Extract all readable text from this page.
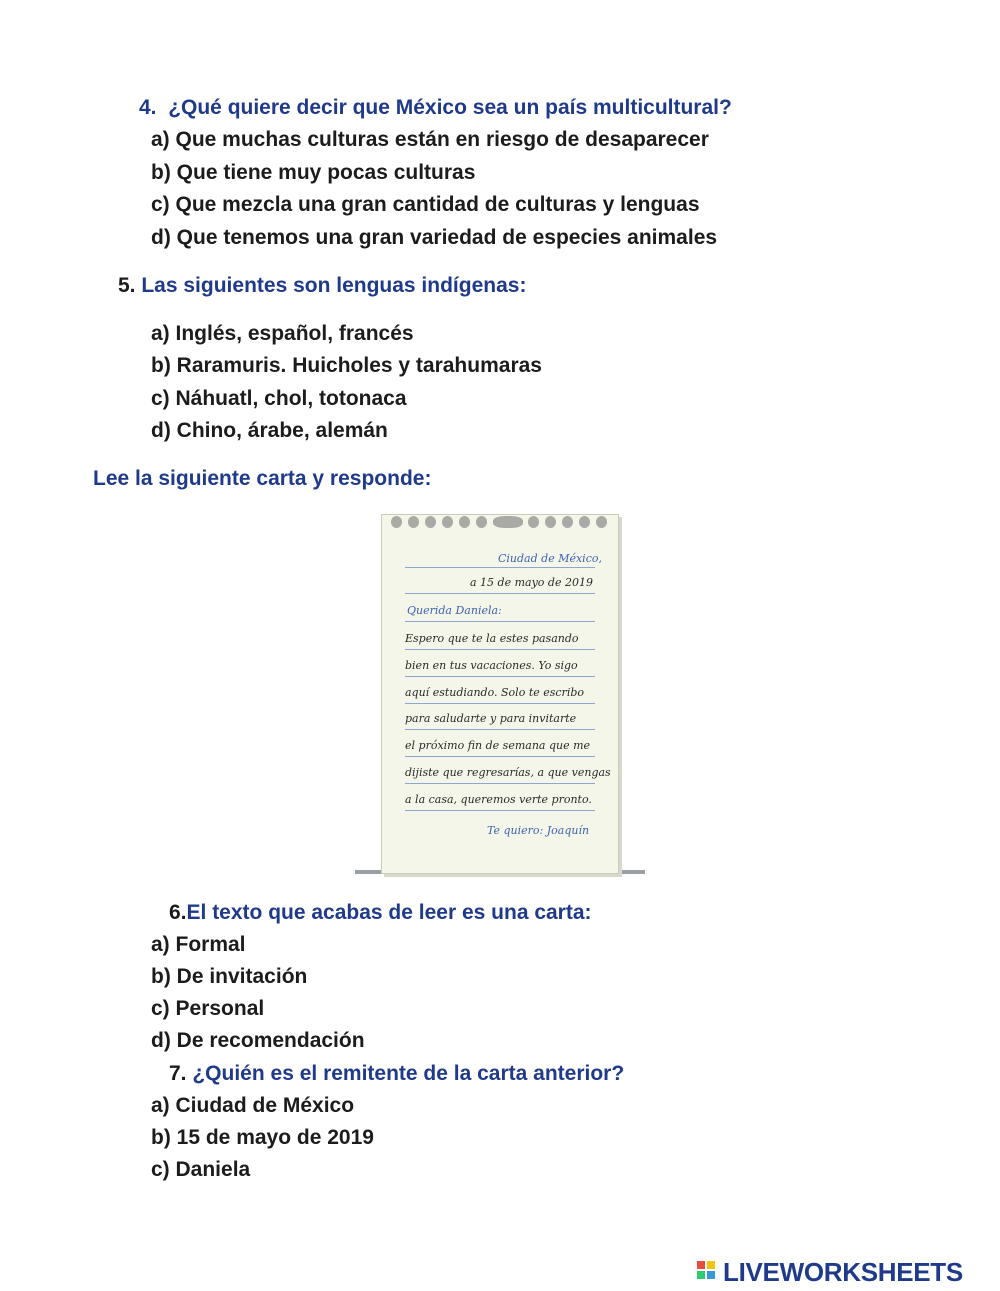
4. ¿Qué quiere decir que México sea un país multicultural?
a) Que muchas culturas están en riesgo de desaparecer
b) Que tiene muy pocas culturas
c) Que mezcla una gran cantidad de culturas y lenguas
d) Que tenemos una gran variedad de especies animales
5. Las siguientes son lenguas indígenas:
a) Inglés, español, francés
b) Raramuris. Huicholes y tarahumaras
c) Náhuatl, chol, totonaca
d) Chino, árabe, alemán
Lee la siguiente carta y responde:
Ciudad de México,
a 15 de mayo de 2019
Querida Daniela:
Espero que te la estes pasando
bien en tus vacaciones. Yo sigo
aquí estudiando. Solo te escribo
para saludarte y para invitarte
el próximo fin de semana que me
dijiste que regresarías, a que vengas
a la casa, queremos verte pronto.
Te quiero: Joaquín
6.El texto que acabas de leer es una carta:
a) Formal
b) De invitación
c) Personal
d) De recomendación
7. ¿Quién es el remitente de la carta anterior?
a) Ciudad de México
b) 15 de mayo de 2019
c) Daniela
LIVEWORKSHEETS
